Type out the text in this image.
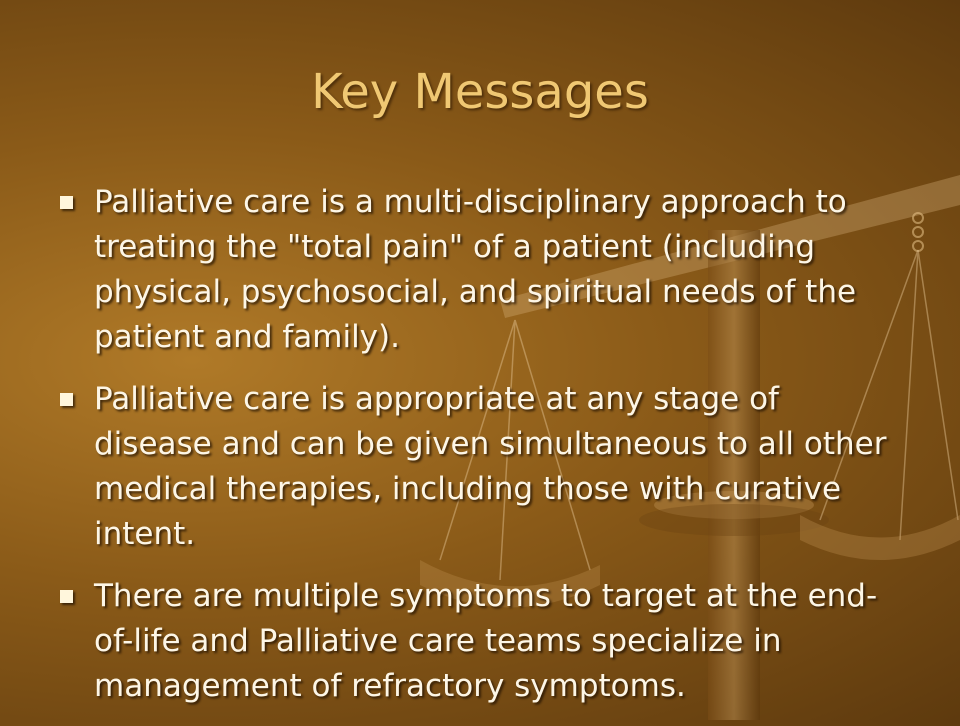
Key Messages
Palliative care is a multi-disciplinary approach to treating the "total pain" of a patient (including physical, psychosocial, and spiritual needs of the patient and family).
Palliative care is appropriate at any stage of disease and can be given simultaneous to all other medical therapies, including those with curative intent.
There are multiple symptoms to target at the end-of-life and Palliative care teams specialize in management of refractory symptoms.
